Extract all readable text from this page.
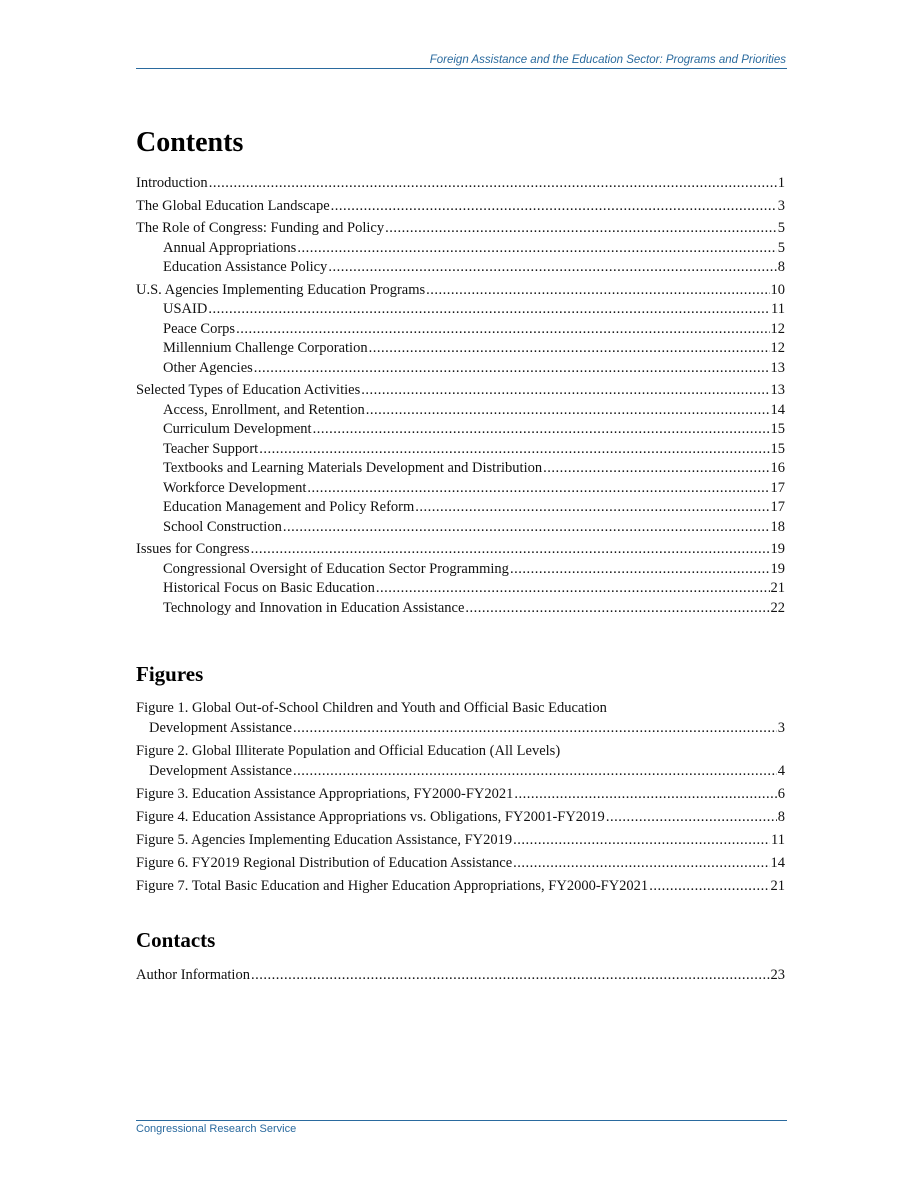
Foreign Assistance and the Education Sector: Programs and Priorities
Contents
Introduction .....	1
The Global Education Landscape .....	3
The Role of Congress: Funding and Policy .....	5
Annual Appropriations .....	5
Education Assistance Policy .....	8
U.S. Agencies Implementing Education Programs .....	10
USAID .....	11
Peace Corps .....	12
Millennium Challenge Corporation .....	12
Other Agencies .....	13
Selected Types of Education Activities .....	13
Access, Enrollment, and Retention .....	14
Curriculum Development .....	15
Teacher Support .....	15
Textbooks and Learning Materials Development and Distribution .....	16
Workforce Development .....	17
Education Management and Policy Reform .....	17
School Construction .....	18
Issues for Congress .....	19
Congressional Oversight of Education Sector Programming .....	19
Historical Focus on Basic Education .....	21
Technology and Innovation in Education Assistance .....	22
Figures
Figure 1. Global Out-of-School Children and Youth and Official Basic Education
Development Assistance .....	3
Figure 2. Global Illiterate Population and Official Education (All Levels)
Development Assistance .....	4
Figure 3. Education Assistance Appropriations, FY2000-FY2021 .....	6
Figure 4. Education Assistance Appropriations vs. Obligations, FY2001-FY2019 .....	8
Figure 5. Agencies Implementing Education Assistance, FY2019 .....	11
Figure 6. FY2019 Regional Distribution of Education Assistance .....	14
Figure 7. Total Basic Education and Higher Education Appropriations, FY2000-FY2021 .....	21
Contacts
Author Information .....	23
Congressional Research Service
